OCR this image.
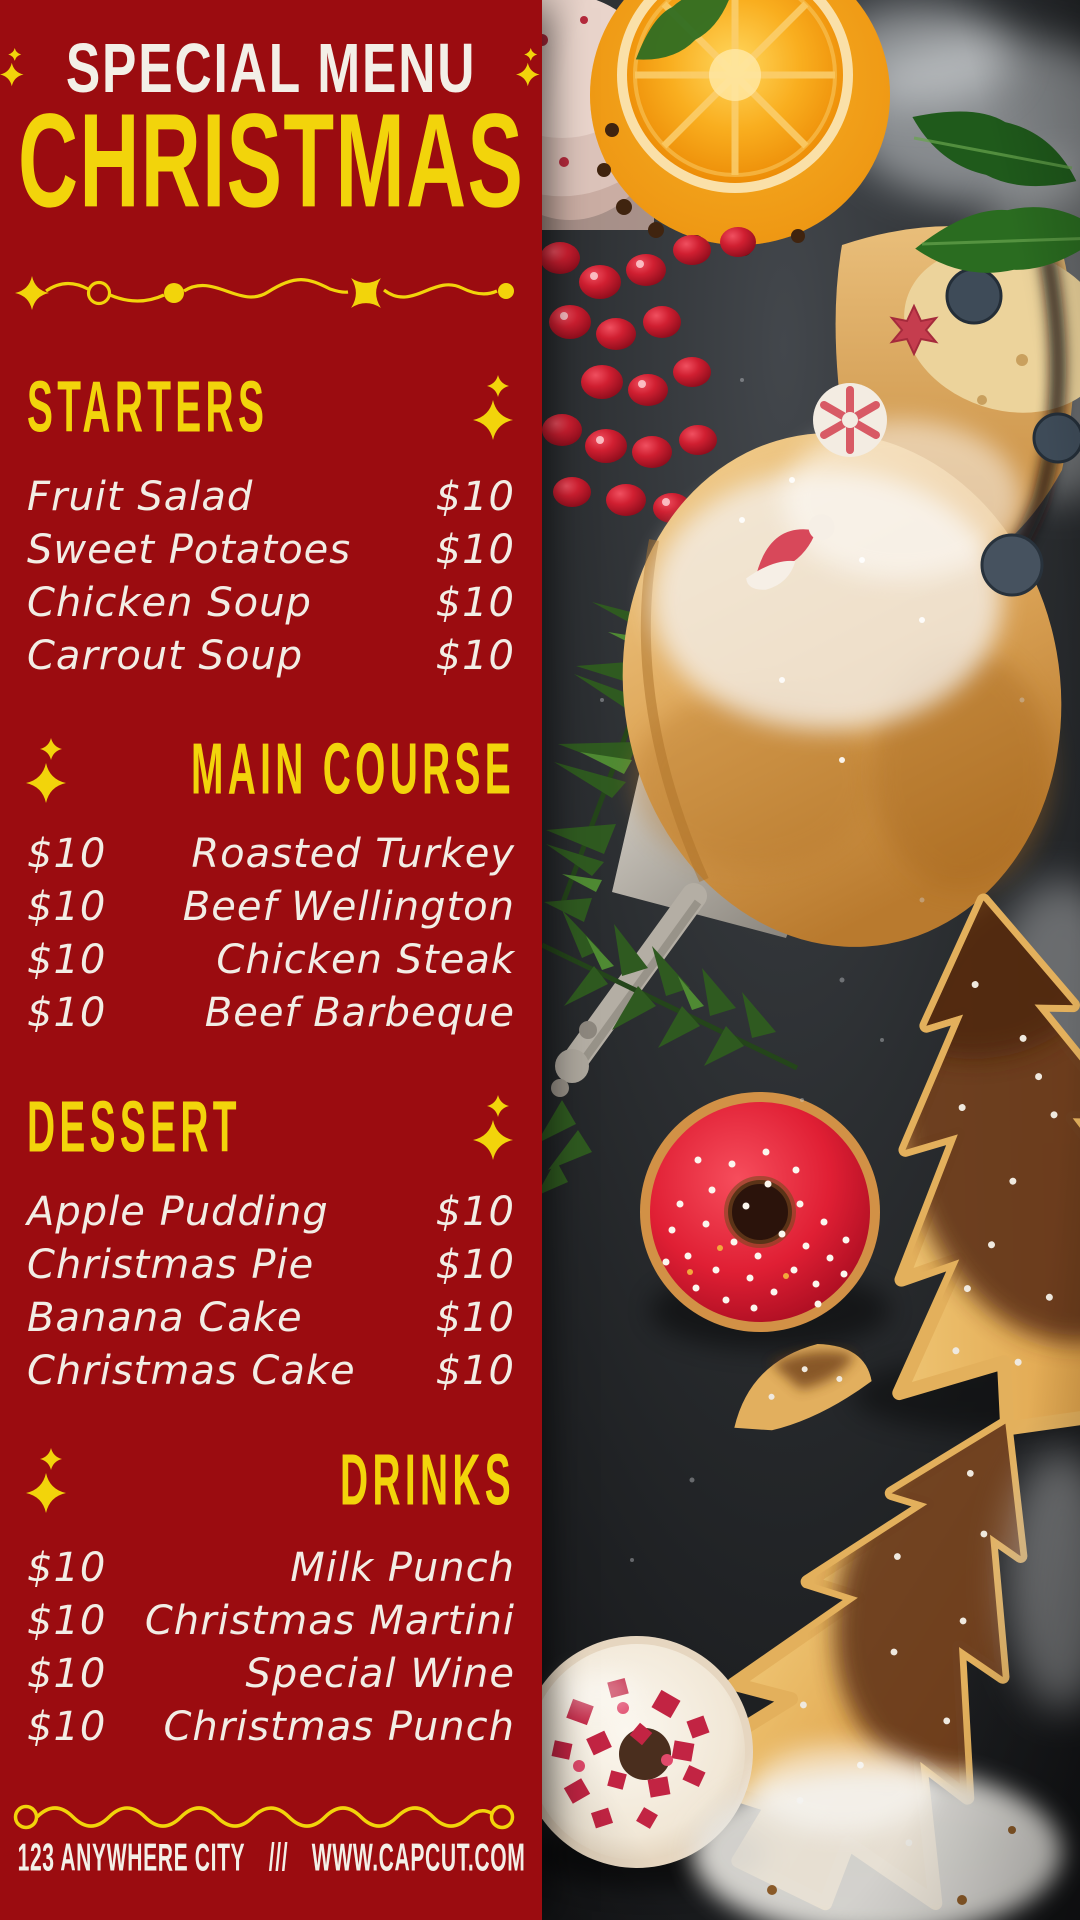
SPECIAL MENU
CHRISTMAS
STARTERS
Fruit Salad	$10
Sweet Potatoes $10
Chicken Soup	$10
Carrout Soup	$10
MAIN COURSE
$10 Roasted Turkey
$10 Beef Wellington
$10	Chicken Steak
$10 Beef Barbeque
DESSERT
Apple Pudding	$10
Christmas Pie	$10
Banana Cake	$10
Christmas Cake $10
DRINKS
$10	Milk Punch
$10 Christmas Martini
$10	Special Wine
$10 Christmas Punch
123 ANYWHERE CITY /// WWW.CAPCUT.COM
